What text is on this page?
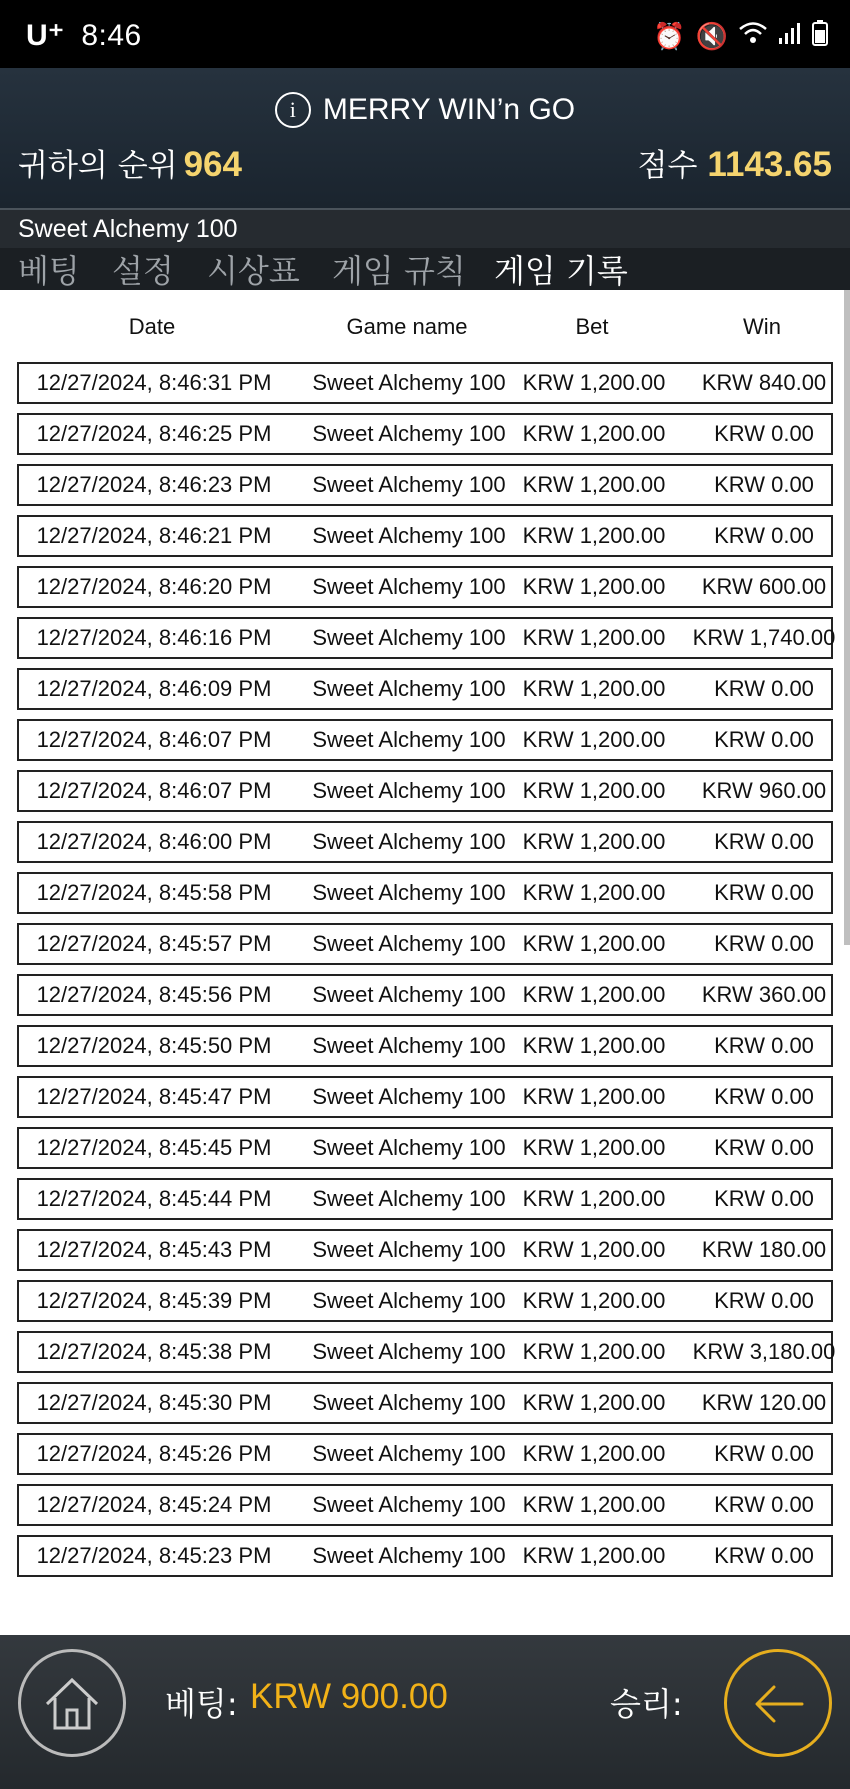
U⁺ 8:46	⏰ 🔇
i MERRY WIN’n GO
귀하의 순위 964	점수 1143.65
Sweet Alchemy 100
베팅 설정 시상표 게임 규칙 게임 기록
Date	Game name	Bet	Win
12/27/2024, 8:46:31 PM	Sweet Alchemy 100 KRW 1,200.00	KRW 840.00
12/27/2024, 8:46:25 PM	Sweet Alchemy 100 KRW 1,200.00	KRW 0.00
12/27/2024, 8:46:23 PM	Sweet Alchemy 100 KRW 1,200.00	KRW 0.00
12/27/2024, 8:46:21 PM	Sweet Alchemy 100 KRW 1,200.00	KRW 0.00
12/27/2024, 8:46:20 PM	Sweet Alchemy 100 KRW 1,200.00	KRW 600.00
12/27/2024, 8:46:16 PM	Sweet Alchemy 100 KRW 1,200.00	KRW 1,740.00
12/27/2024, 8:46:09 PM	Sweet Alchemy 100 KRW 1,200.00	KRW 0.00
12/27/2024, 8:46:07 PM	Sweet Alchemy 100 KRW 1,200.00	KRW 0.00
12/27/2024, 8:46:07 PM	Sweet Alchemy 100 KRW 1,200.00	KRW 960.00
12/27/2024, 8:46:00 PM	Sweet Alchemy 100 KRW 1,200.00	KRW 0.00
12/27/2024, 8:45:58 PM	Sweet Alchemy 100 KRW 1,200.00	KRW 0.00
12/27/2024, 8:45:57 PM	Sweet Alchemy 100 KRW 1,200.00	KRW 0.00
12/27/2024, 8:45:56 PM	Sweet Alchemy 100 KRW 1,200.00	KRW 360.00
12/27/2024, 8:45:50 PM	Sweet Alchemy 100 KRW 1,200.00	KRW 0.00
12/27/2024, 8:45:47 PM	Sweet Alchemy 100 KRW 1,200.00	KRW 0.00
12/27/2024, 8:45:45 PM	Sweet Alchemy 100 KRW 1,200.00	KRW 0.00
12/27/2024, 8:45:44 PM	Sweet Alchemy 100 KRW 1,200.00	KRW 0.00
12/27/2024, 8:45:43 PM	Sweet Alchemy 100 KRW 1,200.00	KRW 180.00
12/27/2024, 8:45:39 PM	Sweet Alchemy 100 KRW 1,200.00	KRW 0.00
12/27/2024, 8:45:38 PM	Sweet Alchemy 100 KRW 1,200.00	KRW 3,180.00
12/27/2024, 8:45:30 PM	Sweet Alchemy 100 KRW 1,200.00	KRW 120.00
12/27/2024, 8:45:26 PM	Sweet Alchemy 100 KRW 1,200.00	KRW 0.00
12/27/2024, 8:45:24 PM	Sweet Alchemy 100 KRW 1,200.00	KRW 0.00
12/27/2024, 8:45:23 PM	Sweet Alchemy 100 KRW 1,200.00	KRW 0.00
베팅: KRW 900.00	승리:
